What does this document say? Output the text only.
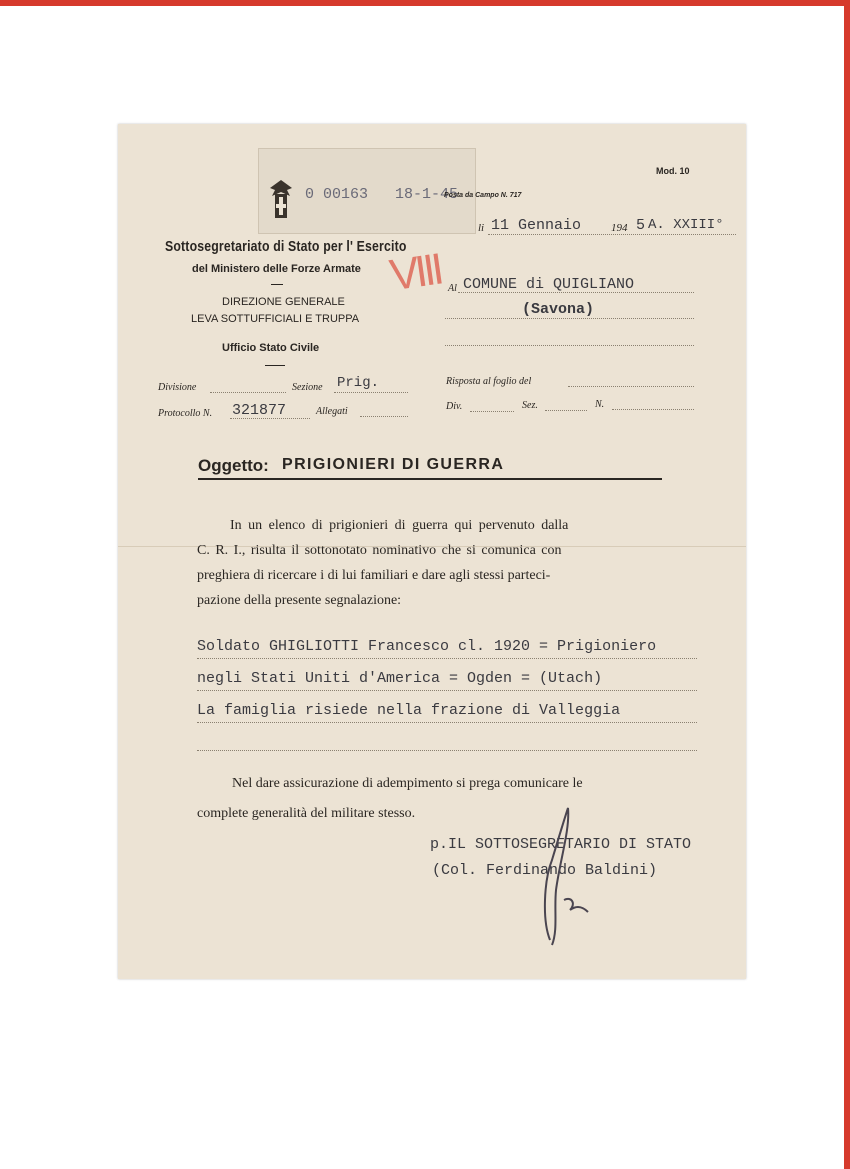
0 00163 18-1-45
Mod. 10
Posta da Campo N. 717
li 11 Gennaio	194 5 A. XXIII°
Sottosegretariato di Stato per l' Esercito
del Ministero delle Forze Armate
DIREZIONE GENERALE
LEVA SOTTUFFICIALI E TRUPPA
Ufficio Stato Civile
VIII Al COMUNE di QUIGLIANO
(Savona)
Divisione	Sezione Prig.	Risposta al foglio del
Protocollo N. 321877	Allegati	Div.	Sez.	N.
Oggetto: PRIGIONIERI DI GUERRA
In un elenco di prigionieri di guerra qui pervenuto dalla
C. R. I., risulta il sottonotato nominativo che si comunica con
preghiera di ricercare i di lui familiari e dare agli stessi parteci-
pazione della presente segnalazione:
Soldato GHIGLIOTTI Francesco cl. 1920 = Prigioniero
negli Stati Uniti d'America = Ogden = (Utach)
La famiglia risiede nella frazione di Valleggia
Nel dare assicurazione di adempimento si prega comunicare le
complete generalità del militare stesso.
p.IL SOTTOSEGRETARIO DI STATO
(Col. Ferdinando Baldini)
